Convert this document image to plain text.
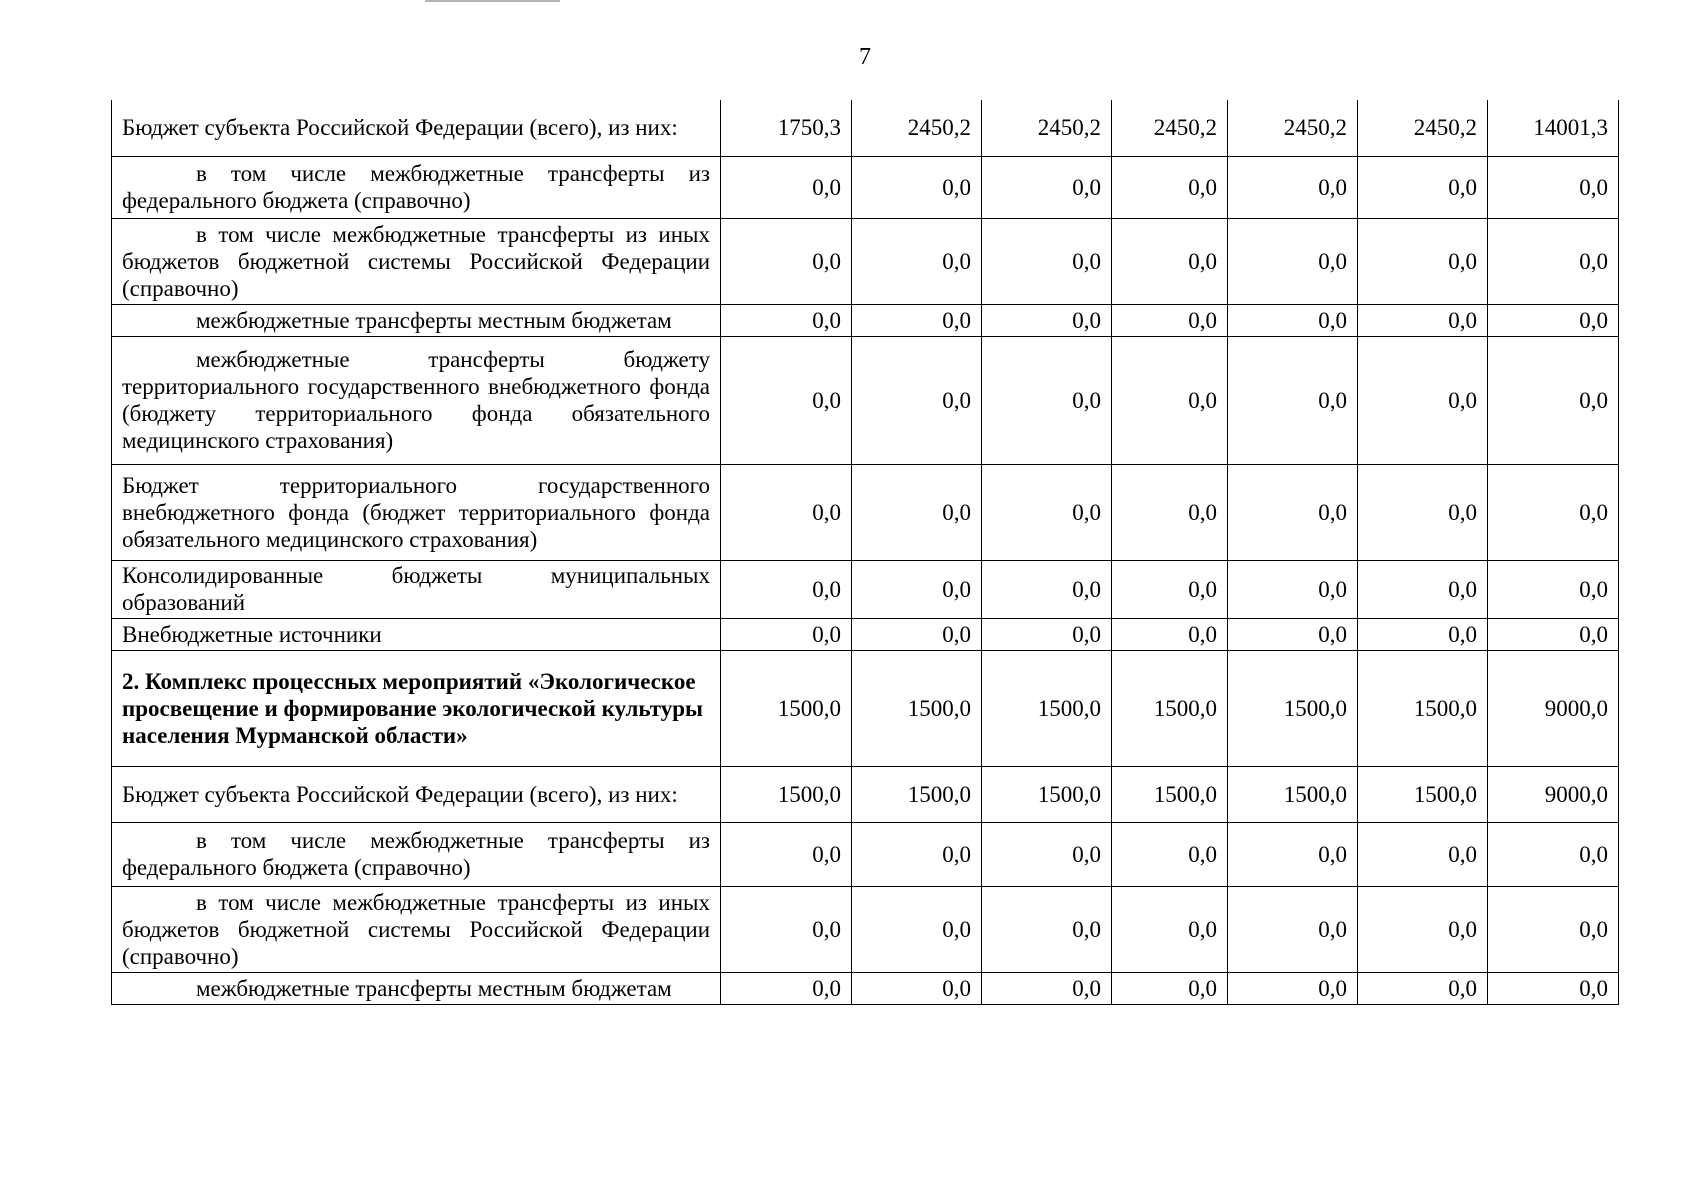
7
Бюджет субъекта Российской Федерации (всего), из них:	1750,3	2450,2	2450,2	2450,2	2450,2	2450,2	14001,3
в том числе межбюджетные трансферты из федерального бюджета (справочно)	0,0	0,0	0,0	0,0	0,0	0,0	0,0
в том числе межбюджетные трансферты из иных бюджетов бюджетной системы Российской Федерации (справочно)	0,0	0,0	0,0	0,0	0,0	0,0	0,0
межбюджетные трансферты местным бюджетам	0,0	0,0	0,0	0,0	0,0	0,0	0,0
межбюджетные трансферты бюджету территориального государственного внебюджетного фонда (бюджету территориального фонда обязательного медицинского страхования)	0,0	0,0	0,0	0,0	0,0	0,0	0,0
Бюджет территориального государственного внебюджетного фонда (бюджет территориального фонда обязательного медицинского страхования)	0,0	0,0	0,0	0,0	0,0	0,0	0,0
Консолидированные бюджеты муниципальных образований	0,0	0,0	0,0	0,0	0,0	0,0	0,0
Внебюджетные источники	0,0	0,0	0,0	0,0	0,0	0,0	0,0
2. Комплекс процессных мероприятий «Экологическое просвещение и формирование экологической культуры населения Мурманской области»	1500,0	1500,0	1500,0	1500,0	1500,0	1500,0	9000,0
Бюджет субъекта Российской Федерации (всего), из них:	1500,0	1500,0	1500,0	1500,0	1500,0	1500,0	9000,0
в том числе межбюджетные трансферты из федерального бюджета (справочно)	0,0	0,0	0,0	0,0	0,0	0,0	0,0
в том числе межбюджетные трансферты из иных бюджетов бюджетной системы Российской Федерации (справочно)	0,0	0,0	0,0	0,0	0,0	0,0	0,0
межбюджетные трансферты местным бюджетам	0,0	0,0	0,0	0,0	0,0	0,0	0,0
